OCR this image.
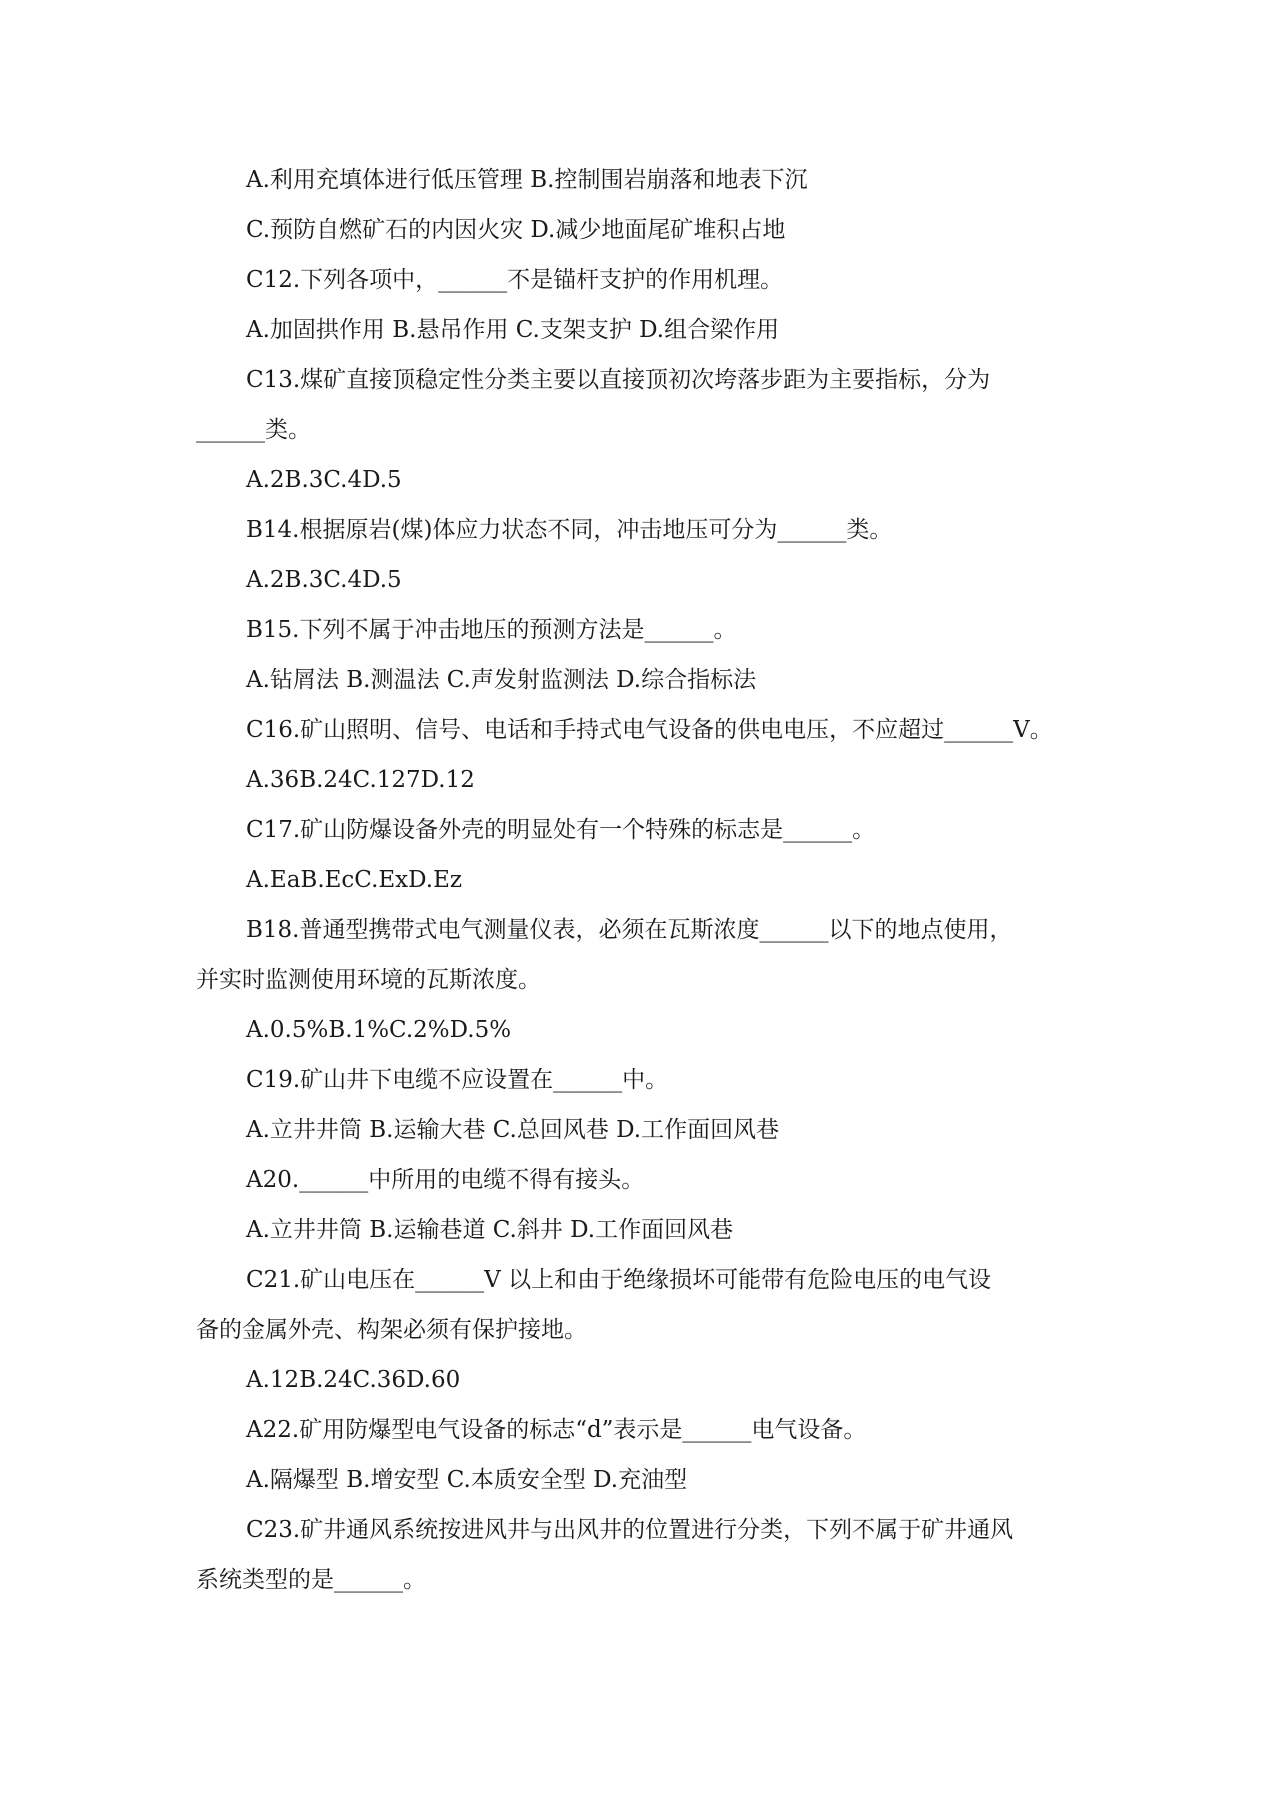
A.利用充填体进行低压管理 B.控制围岩崩落和地表下沉
C.预防自燃矿石的内因火灾 D.减少地面尾矿堆积占地
C12.下列各项中，______不是锚杆支护的作用机理。
A.加固拱作用 B.悬吊作用 C.支架支护 D.组合梁作用
C13.煤矿直接顶稳定性分类主要以直接顶初次垮落步距为主要指标，分为
______类。
A.2B.3C.4D.5
B14.根据原岩(煤)体应力状态不同，冲击地压可分为______类。
A.2B.3C.4D.5
B15.下列不属于冲击地压的预测方法是______。
A.钻屑法 B.测温法 C.声发射监测法 D.综合指标法
C16.矿山照明、信号、电话和手持式电气设备的供电电压，不应超过______V。
A.36B.24C.127D.12
C17.矿山防爆设备外壳的明显处有一个特殊的标志是______。
A.EaB.EcC.ExD.Ez
B18.普通型携带式电气测量仪表，必须在瓦斯浓度______以下的地点使用，
并实时监测使用环境的瓦斯浓度。
A.0.5%B.1%C.2%D.5%
C19.矿山井下电缆不应设置在______中。
A.立井井筒 B.运输大巷 C.总回风巷 D.工作面回风巷
A20.______中所用的电缆不得有接头。
A.立井井筒 B.运输巷道 C.斜井 D.工作面回风巷
C21.矿山电压在______V 以上和由于绝缘损坏可能带有危险电压的电气设
备的金属外壳、构架必须有保护接地。
A.12B.24C.36D.60
A22.矿用防爆型电气设备的标志“d”表示是______电气设备。
A.隔爆型 B.增安型 C.本质安全型 D.充油型
C23.矿井通风系统按进风井与出风井的位置进行分类，下列不属于矿井通风
系统类型的是______。
